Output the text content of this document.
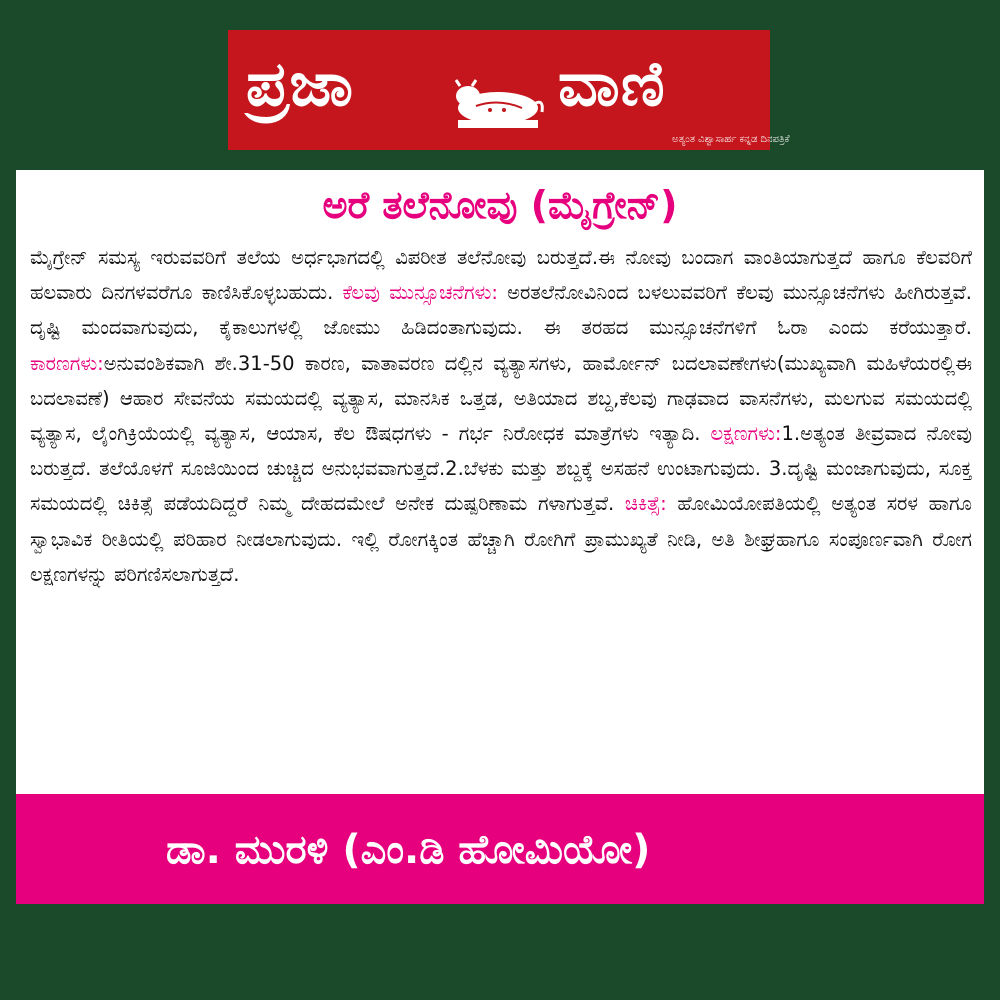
ಪ್ರಜಾ	ವಾಣಿ
ಅತ್ಯಂತ ವಿಶ್ವಾಸಾರ್ಹ ಕನ್ನಡ ದಿನಪತ್ರಿಕೆ
ಅರೆ ತಲೆನೋವು (ಮೈಗ್ರೇನ್)
ಮೈಗ್ರೇನ್ ಸಮಸ್ಯ ಇರುವವರಿಗೆ ತಲೆಯ ಅರ್ಧಭಾಗದಲ್ಲಿ ವಿಪರೀತ ತಲೆನೋವು ಬರುತ್ತದೆ.ಈ ನೋವು ಬಂದಾಗ ವಾಂತಿಯಾಗುತ್ತದೆ ಹಾಗೂ ಕೆಲವರಿಗೆ ಹಲವಾರು ದಿನಗಳವರೆಗೂ ಕಾಣಿಸಿಕೊಳ್ಳಬಹುದು. ಕೆಲವು ಮುನ್ಸೂಚನೆಗಳು: ಅರತಲೆನೋವಿನಿಂದ ಬಳಲುವವರಿಗೆ ಕೆಲವು ಮುನ್ಸೂಚನೆಗಳು ಹೀಗಿರುತ್ತವೆ. ದೃಷ್ಟಿ ಮಂದವಾಗುವುದು, ಕೈಕಾಲುಗಳಲ್ಲಿ ಜೋಮು ಹಿಡಿದಂತಾಗುವುದು. ಈ ತರಹದ ಮುನ್ಸೂಚನೆಗಳಿಗೆ ಓರಾ ಎಂದು ಕರೆಯುತ್ತಾರೆ. ಕಾರಣಗಳು:ಅನುವಂಶಿಕವಾಗಿ ಶೇ.31-50 ಕಾರಣ, ವಾತಾವರಣ ದಲ್ಲಿನ ವ್ಯತ್ಯಾಸಗಳು, ಹಾರ್ಮೋನ್ ಬದಲಾವಣೇಗಳು(ಮುಖ್ಯವಾಗಿ ಮಹಿಳೆಯರಲ್ಲಿಈ ಬದಲಾವಣೆ) ಆಹಾರ ಸೇವನೆಯ ಸಮಯದಲ್ಲಿ ವ್ಯತ್ಯಾಸ, ಮಾನಸಿಕ ಒತ್ತಡ, ಅತಿಯಾದ ಶಬ್ದ,ಕೆಲವು ಗಾಢವಾದ ವಾಸನೆಗಳು, ಮಲಗುವ ಸಮಯದಲ್ಲಿ ವ್ಯತ್ಯಾಸ, ಲೈಂಗಿಕ್ರಿಯೆಯಲ್ಲಿ ವ್ಯತ್ಯಾಸ, ಆಯಾಸ, ಕೆಲ ಔಷಧಗಳು - ಗರ್ಭ ನಿರೋಧಕ ಮಾತ್ರೆಗಳು ಇತ್ಯಾದಿ. ಲಕ್ಷಣಗಳು:1.ಅತ್ಯಂತ ತೀವ್ರವಾದ ನೋವು ಬರುತ್ತದೆ. ತಲೆಯೊಳಗೆ ಸೂಜಿಯಿಂದ ಚುಚ್ಚಿದ ಅನುಭವವಾಗುತ್ತದೆ.2.ಬೆಳಕು ಮತ್ತು ಶಬ್ದಕ್ಕೆ ಅಸಹನೆ ಉಂಟಾಗುವುದು. 3.ದೃಷ್ಟಿ ಮಂಜಾಗುವುದು, ಸೂಕ್ತ ಸಮಯದಲ್ಲಿ ಚಿಕಿತ್ಸೆ ಪಡೆಯದಿದ್ದರೆ ನಿಮ್ಮ ದೇಹದಮೇಲೆ ಅನೇಕ ದುಷ್ಪರಿಣಾಮ ಗಳಾಗುತ್ತವೆ. ಚಿಕಿತ್ಸೆ: ಹೋಮಿಯೋಪತಿಯಲ್ಲಿ ಅತ್ಯಂತ ಸರಳ ಹಾಗೂ ಸ್ವಾಭಾವಿಕ ರೀತಿಯಲ್ಲಿ ಪರಿಹಾರ ನೀಡಲಾಗುವುದು. ಇಲ್ಲಿ ರೋಗಕ್ಕಿಂತ ಹೆಚ್ಚಾಗಿ ರೋಗಿಗೆ ಪ್ರಾಮುಖ್ಯತೆ ನೀಡಿ, ಅತಿ ಶೀಘ್ರಹಾಗೂ ಸಂಪೂರ್ಣವಾಗಿ ರೋಗ ಲಕ್ಷಣಗಳನ್ನು ಪರಿಗಣಿಸಲಾಗುತ್ತದೆ.
ಡಾ. ಮುರಳಿ (ಎಂ.ಡಿ ಹೋಮಿಯೋ)
